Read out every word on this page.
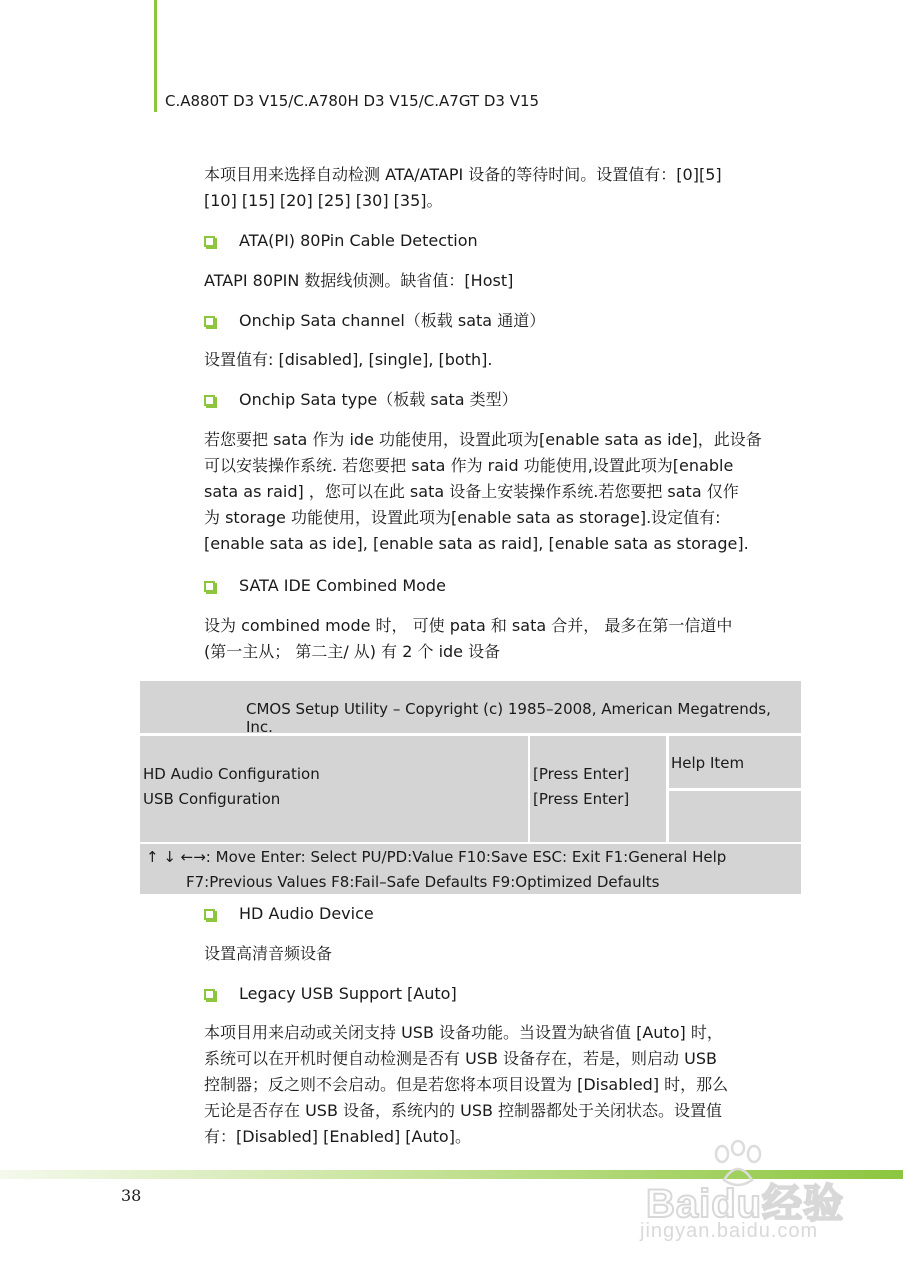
C.A880T D3 V15/C.A780H D3 V15/C.A7GT D3 V15
本项目用来选择自动检测 ATA/ATAPI 设备的等待时间。设置值有：[0][5]
[10] [15] [20] [25] [30] [35]。
ATA(PI) 80Pin Cable Detection
ATAPI 80PIN 数据线侦测。缺省值：[Host]
Onchip Sata channel（板载 sata 通道）
设置值有: [disabled], [single], [both].
Onchip Sata type（板载 sata 类型）
若您要把 sata 作为 ide 功能使用，设置此项为[enable sata as ide]，此设备
可以安装操作系统. 若您要把 sata 作为 raid 功能使用,设置此项为[enable
sata as raid] ，您可以在此 sata 设备上安装操作系统.若您要把 sata 仅作
为 storage 功能使用，设置此项为[enable sata as storage].设定值有:
[enable sata as ide], [enable sata as raid], [enable sata as storage].
SATA IDE Combined Mode
设为 combined mode 时， 可使 pata 和 sata 合并， 最多在第一信道中
(第一主从； 第二主/ 从) 有 2 个 ide 设备
CMOS Setup Utility – Copyright (c) 1985–2008, American Megatrends, Inc.
HD Audio Configuration
USB Configuration
[Press Enter]
[Press Enter]
Help Item
↑ ↓ ←→: Move Enter: Select PU/PD:Value F10:Save ESC: Exit F1:General Help
F7:Previous Values F8:Fail–Safe Defaults F9:Optimized Defaults
HD Audio Device
设置高清音频设备
Legacy USB Support [Auto]
本项目用来启动或关闭支持 USB 设备功能。当设置为缺省值 [Auto] 时，
系统可以在开机时便自动检测是否有 USB 设备存在，若是，则启动 USB
控制器；反之则不会启动。但是若您将本项目设置为 [Disabled] 时，那么
无论是否存在 USB 设备，系统内的 USB 控制器都处于关闭状态。设置值
有：[Disabled] [Enabled] [Auto]。
38	Baidu经验
jingyan.baidu.com
